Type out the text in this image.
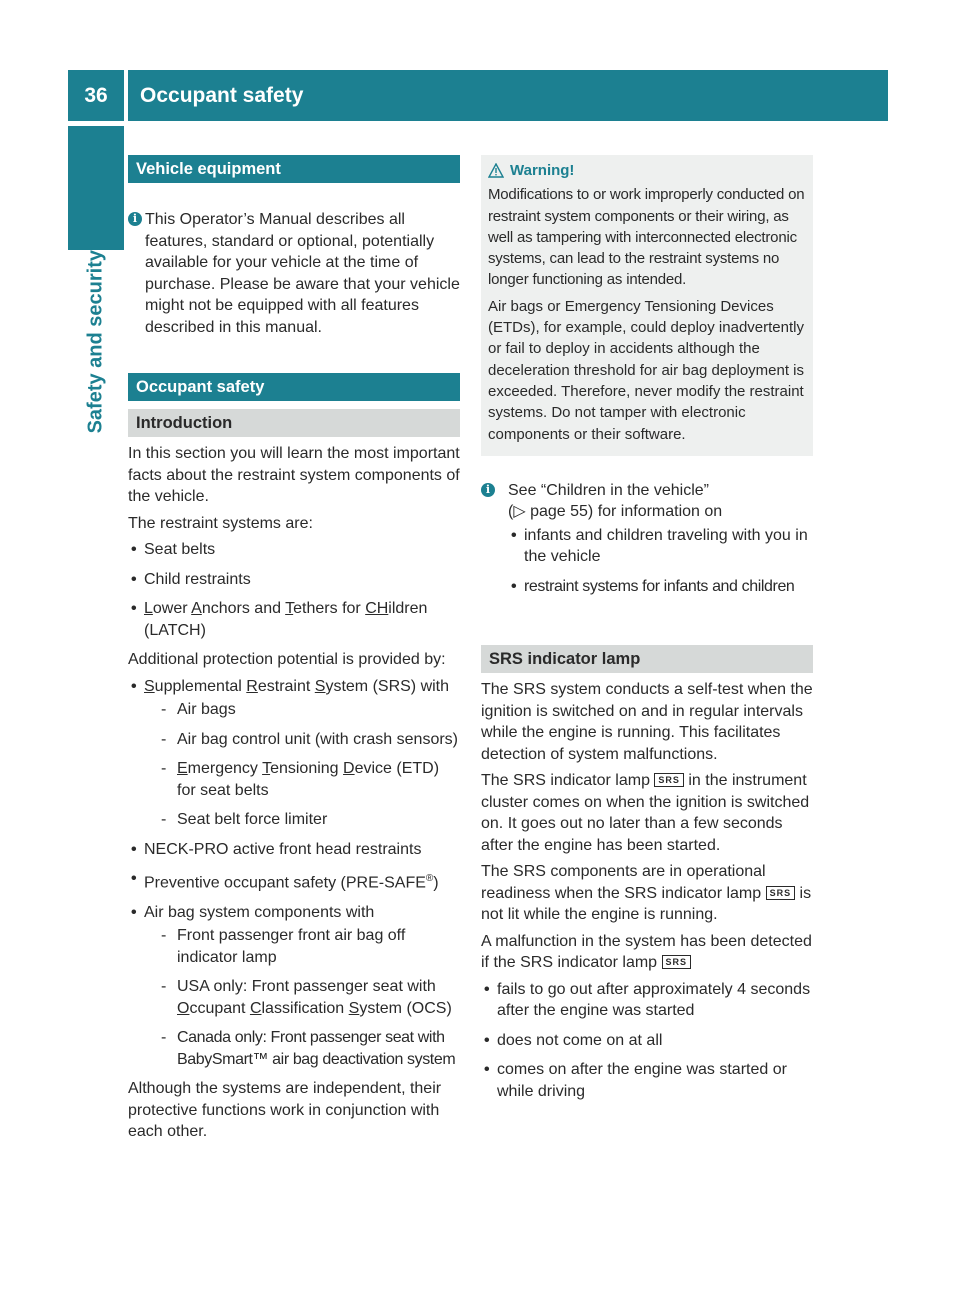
36	Occupant safety
Safety and security
Vehicle equipment
i This Operator’s Manual describes all features, standard or optional, potentially available for your vehicle at the time of purchase. Please be aware that your vehicle might not be equipped with all features described in this manual.
Occupant safety
Introduction

In this section you will learn the most important facts about the restraint system components of the vehicle.

The restraint systems are:

• Seat belts
• Child restraints
• Lower Anchors and Tethers for CHildren (LATCH)

Additional protection potential is provided by:

• Supplemental Restraint System (SRS) with
- Air bags
- Air bag control unit (with crash sensors)
- Emergency Tensioning Device (ETD) for seat belts
- Seat belt force limiter
• NECK-PRO active front head restraints
• Preventive occupant safety (PRE-SAFE®)
• Air bag system components with
- Front passenger front air bag off indicator lamp
- USA only: Front passenger seat with Occupant Classification System (OCS)
- Canada only: Front passenger seat with BabySmart™ air bag deactivation system

Although the systems are independent, their protective functions work in conjunction with each other.

Warning!

Modifications to or work improperly conducted on restraint system components or their wiring, as well as tampering with interconnected electronic systems, can lead to the restraint systems no longer functioning as intended.

Air bags or Emergency Tensioning Devices (ETDs), for example, could deploy inadvertently or fail to deploy in accidents although the deceleration threshold for air bag deployment is exceeded. Therefore, never modify the restraint systems. Do not tamper with electronic components or their software.

i	See “Children in the vehicle”
(▷ page 55) for information on
• infants and children traveling with you in the vehicle
• restraint systems for infants and children
SRS indicator lamp

The SRS system conducts a self-test when the ignition is switched on and in regular intervals while the engine is running. This facilitates detection of system malfunctions.

The SRS indicator lamp SRS in the instrument cluster comes on when the ignition is switched on. It goes out no later than a few seconds after the engine has been started.

The SRS components are in operational readiness when the SRS indicator lamp SRS is not lit while the engine is running.

A malfunction in the system has been detected if the SRS indicator lamp SRS

• fails to go out after approximately 4 seconds after the engine was started
• does not come on at all
• comes on after the engine was started or while driving
